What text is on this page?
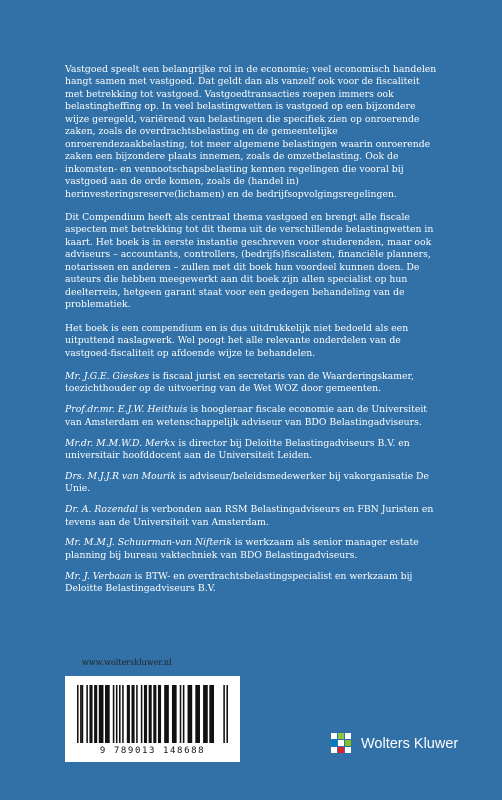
Vastgoed speelt een belangrijke rol in de economie; veel economisch handelen hangt samen met vastgoed. Dat geldt dan als vanzelf ook voor de fiscaliteit met betrekking tot vastgoed. Vastgoedtransacties roepen immers ook belastingheffing op. In veel belastingwetten is vastgoed op een bijzondere wijze geregeld, variërend van belastingen die specifiek zien op onroerende zaken, zoals de overdrachtsbelasting en de gemeentelijke onroerendezaakbelasting, tot meer algemene belastingen waarin onroerende zaken een bijzondere plaats innemen, zoals de omzetbelasting. Ook de inkomsten- en vennootschapsbelasting kennen regelingen die vooral bij vastgoed aan de orde komen, zoals de (handel in) herinvesteringsreserve(lichamen) en de bedrijfsopvolgingsregelingen.

Dit Compendium heeft als centraal thema vastgoed en brengt alle fiscale aspecten met betrekking tot dit thema uit de verschillende belastingwetten in kaart. Het boek is in eerste instantie geschreven voor studerenden, maar ook adviseurs – accountants, controllers, (bedrijfs)fiscalisten, financiële planners, notarissen en anderen – zullen met dit boek hun voordeel kunnen doen. De auteurs die hebben meegewerkt aan dit boek zijn allen specialist op hun deelterrein, hetgeen garant staat voor een gedegen behandeling van de problematiek.

Het boek is een compendium en is dus uitdrukkelijk niet bedoeld als een uitputtend naslagwerk. Wel poogt het alle relevante onderdelen van de vastgoed-fiscaliteit op afdoende wijze te behandelen.

Mr. J.G.E. Gieskes is fiscaal jurist en secretaris van de Waarderingskamer, toezichthouder op de uitvoering van de Wet WOZ door gemeenten.

Prof.dr.mr. E.J.W. Heithuis is hoogleraar fiscale economie aan de Universiteit van Amsterdam en wetenschappelijk adviseur van BDO Belastingadviseurs.

Mr.dr. M.M.W.D. Merkx is director bij Deloitte Belastingadviseurs B.V. en universitair hoofddocent aan de Universiteit Leiden.

Drs. M.J.J.R van Mourik is adviseur/beleidsmedewerker bij vakorganisatie De Unie.

Dr. A. Rozendal is verbonden aan RSM Belastingadviseurs en FBN Juristen en tevens aan de Universiteit van Amsterdam.

Mr. M.M.J. Schuurman-van Nifterik is werkzaam als senior manager estate planning bij bureau vaktechniek van BDO Belastingadviseurs.

Mr. J. Verbaan is BTW- en overdrachtsbelastingspecialist en werkzaam bij Deloitte Belastingadviseurs B.V.

www.wolterskluwer.nl
9 789013 148688	Wolters Kluwer
